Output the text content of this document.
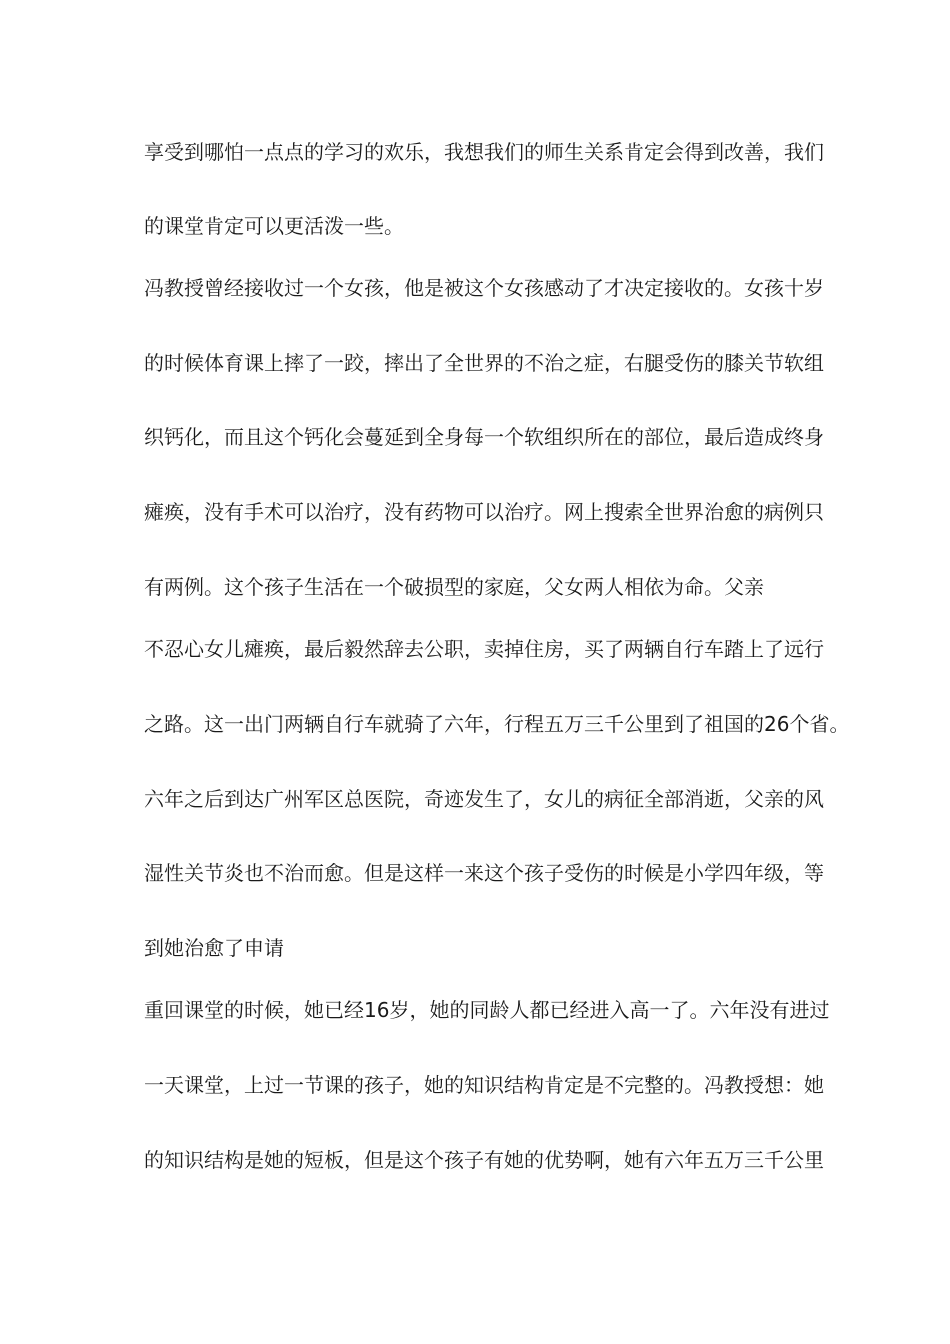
享受到哪怕一点点的学习的欢乐，我想我们的师生关系肯定会得到改善，我们

的课堂肯定可以更活泼一些。

冯教授曾经接收过一个女孩，他是被这个女孩感动了才决定接收的。女孩十岁

的时候体育课上摔了一跤，摔出了全世界的不治之症，右腿受伤的膝关节软组

织钙化，而且这个钙化会蔓延到全身每一个软组织所在的部位，最后造成终身

瘫痪，没有手术可以治疗，没有药物可以治疗。网上搜索全世界治愈的病例只

有两例。这个孩子生活在一个破损型的家庭，父女两人相依为命。父亲

不忍心女儿瘫痪，最后毅然辞去公职，卖掉住房，买了两辆自行车踏上了远行

之路。这一出门两辆自行车就骑了六年，行程五万三千公里到了祖国的26个省。

六年之后到达广州军区总医院，奇迹发生了，女儿的病征全部消逝，父亲的风

湿性关节炎也不治而愈。但是这样一来这个孩子受伤的时候是小学四年级，等

到她治愈了申请

重回课堂的时候，她已经16岁，她的同龄人都已经进入高一了。六年没有进过

一天课堂，上过一节课的孩子，她的知识结构肯定是不完整的。冯教授想：她

的知识结构是她的短板，但是这个孩子有她的优势啊，她有六年五万三千公里
